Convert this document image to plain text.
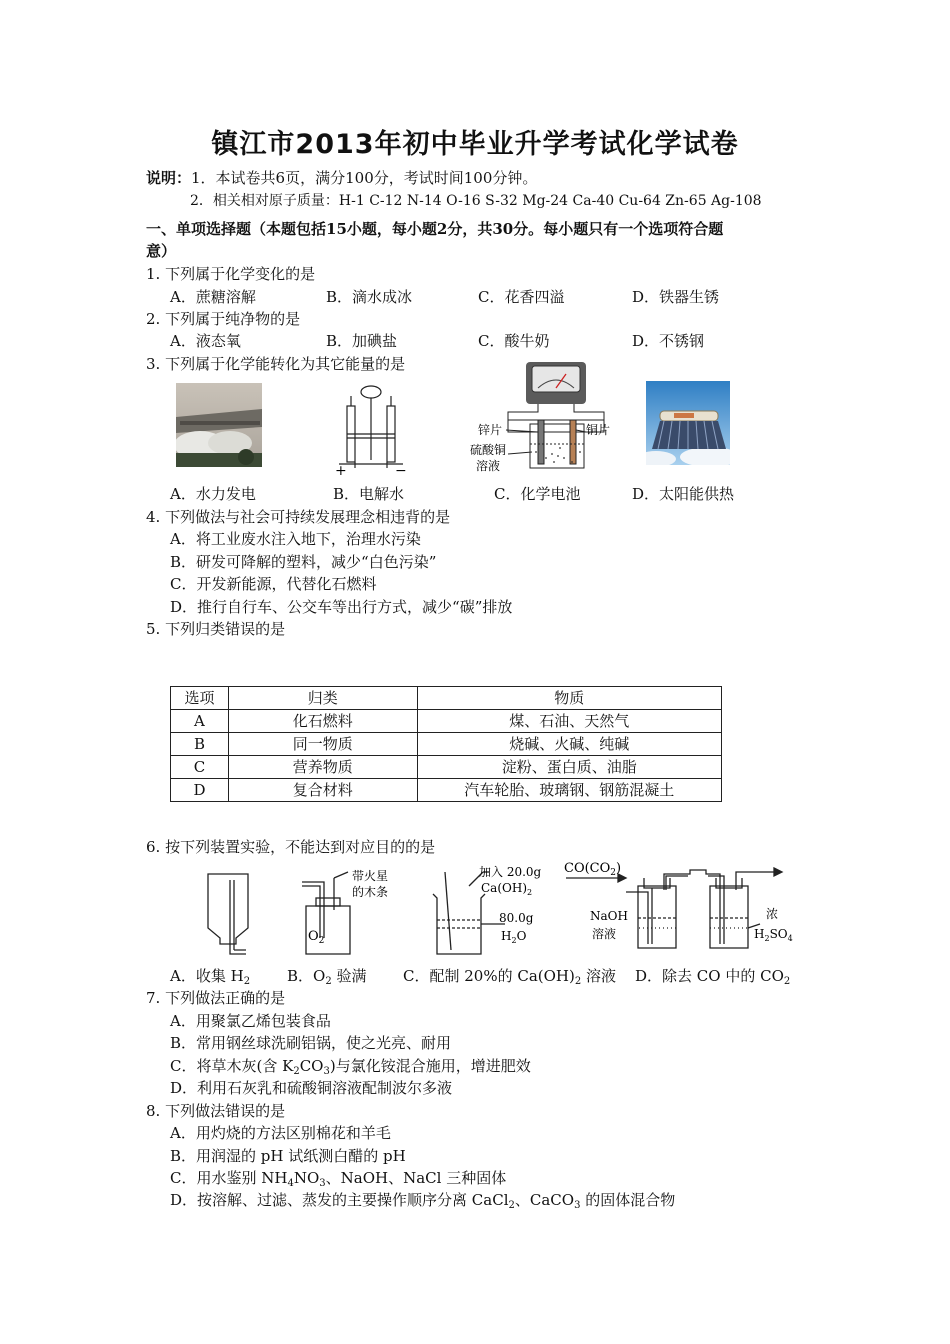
镇江市2013年初中毕业升学考试化学试卷
说明：1．本试卷共6页，满分100分，考试时间100分钟。
2．相关相对原子质量：H-1 C-12 N-14 O-16 S-32 Mg-24 Ca-40 Cu-64 Zn-65 Ag-108
一、单项选择题（本题包括15小题，每小题2分，共30分。每小题只有一个选项符合题
意）
1. 下列属于化学变化的是
A．蔗糖溶解	B．滴水成冰	C．花香四溢	D．铁器生锈
2. 下列属于纯净物的是
A．液态氧	B．加碘盐	C．酸牛奶	D．不锈钢
3. 下列属于化学能转化为其它能量的是
+	−
锌片	铜片
硫酸铜
溶液
A．水力发电	B．电解水	C．化学电池	D．太阳能供热
4. 下列做法与社会可持续发展理念相违背的是
A．将工业废水注入地下，治理水污染
B．研发可降解的塑料，减少“白色污染”
C．开发新能源，代替化石燃料
D．推行自行车、公交车等出行方式，减少“碳”排放
5. 下列归类错误的是
选项	归类	物质
A	化石燃料	煤、石油、天然气
B	同一物质	烧碱、火碱、纯碱
C	营养物质	淀粉、蛋白质、油脂
D	复合材料	汽车轮胎、玻璃钢、钢筋混凝土
6. 按下列装置实验，不能达到对应目的的是
$O_2$
带火星
的木条
加入 20.0g
$Ca(OH)_2$
80.0g
$H_2O$
$CO(CO_2)$
NaOH
溶液
浓
$H_2SO_4$
A．收集 $H_2$ B．$O_2$ 验满 C．配制 20%的 $Ca(OH)_2$ 溶液 D．除去 CO 中的 $CO_2$
7. 下列做法正确的是
A．用聚氯乙烯包装食品
B．常用钢丝球洗刷铝锅，使之光亮、耐用
C．将草木灰(含 $K_2CO_3$)与氯化铵混合施用，增进肥效
D．利用石灰乳和硫酸铜溶液配制波尔多液
8. 下列做法错误的是
A．用灼烧的方法区别棉花和羊毛
B．用润湿的 pH 试纸测白醋的 pH
C．用水鉴别 $NH_4NO_3$、NaOH、NaCl 三种固体
D．按溶解、过滤、蒸发的主要操作顺序分离 CaCl$_2$、CaCO$_3$ 的固体混合物
